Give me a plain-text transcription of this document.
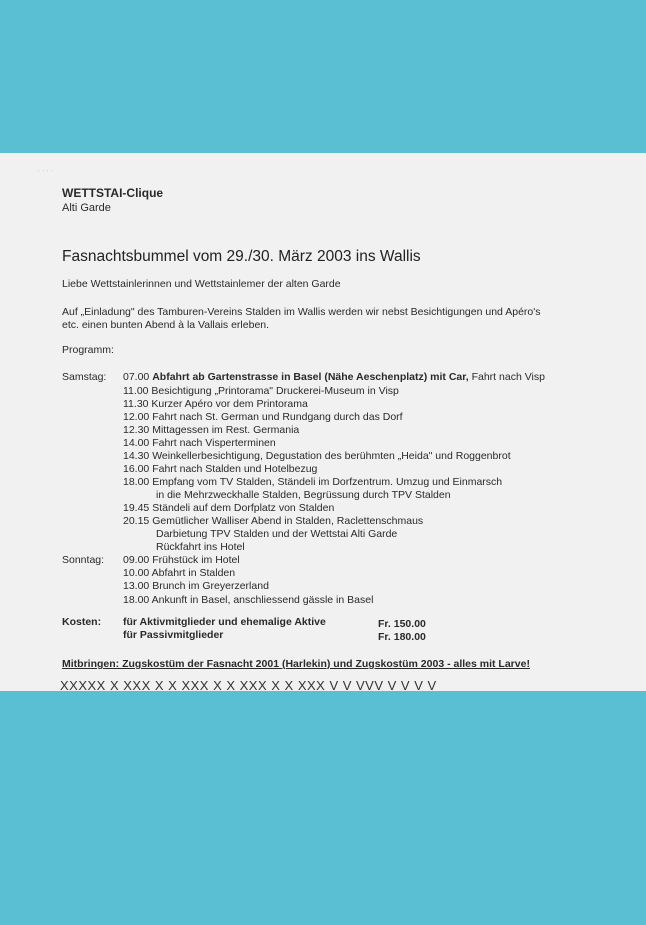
˙ ˙ ˙ ˙
WETTSTAI-Clique
Alti Garde
Fasnachtsbummel vom 29./30. März 2003 ins Wallis
Liebe Wettstainlerinnen und Wettstainlemer der alten Garde
Auf „Einladung" des Tamburen-Vereins Stalden im Wallis werden wir nebst Besichtigungen und Apéro's
etc. einen bunten Abend à la Vallais erleben.
Programm:
Samstag: 07.00 Abfahrt ab Gartenstrasse in Basel (Nähe Aeschenplatz) mit Car, Fahrt nach Visp
11.00 Besichtigung „Printorama" Druckerei-Museum in Visp
11.30 Kurzer Apéro vor dem Printorama
12.00 Fahrt nach St. German und Rundgang durch das Dorf
12.30 Mittagessen im Rest. Germania
14.00 Fahrt nach Visperterminen
14.30 Weinkellerbesichtigung, Degustation des berühmten „Heida" und Roggenbrot
16.00 Fahrt nach Stalden und Hotelbezug
18.00 Empfang vom TV Stalden, Ständeli im Dorfzentrum. Umzug und Einmarsch
in die Mehrzweckhalle Stalden, Begrüssung durch TPV Stalden
19.45 Ständeli auf dem Dorfplatz von Stalden
20.15 Gemütlicher Walliser Abend in Stalden, Raclettenschmaus
Darbietung TPV Stalden und der Wettstai Alti Garde
Rückfahrt ins Hotel
Sonntag: 09.00 Frühstück im Hotel
10.00 Abfahrt in Stalden
13.00 Brunch im Greyerzerland
18.00 Ankunft in Basel, anschliessend gässle in Basel
Kosten: für Aktivmitglieder und ehemalige Aktive	Fr. 150.00
für Passivmitglieder	Fr. 180.00
Mitbringen: Zugskostüm der Fasnacht 2001 (Harlekin) und Zugskostüm 2003 - alles mit Larve!
XXXXX X XXX X X XXX X X XXX X X XXX V V VVV V V V V
